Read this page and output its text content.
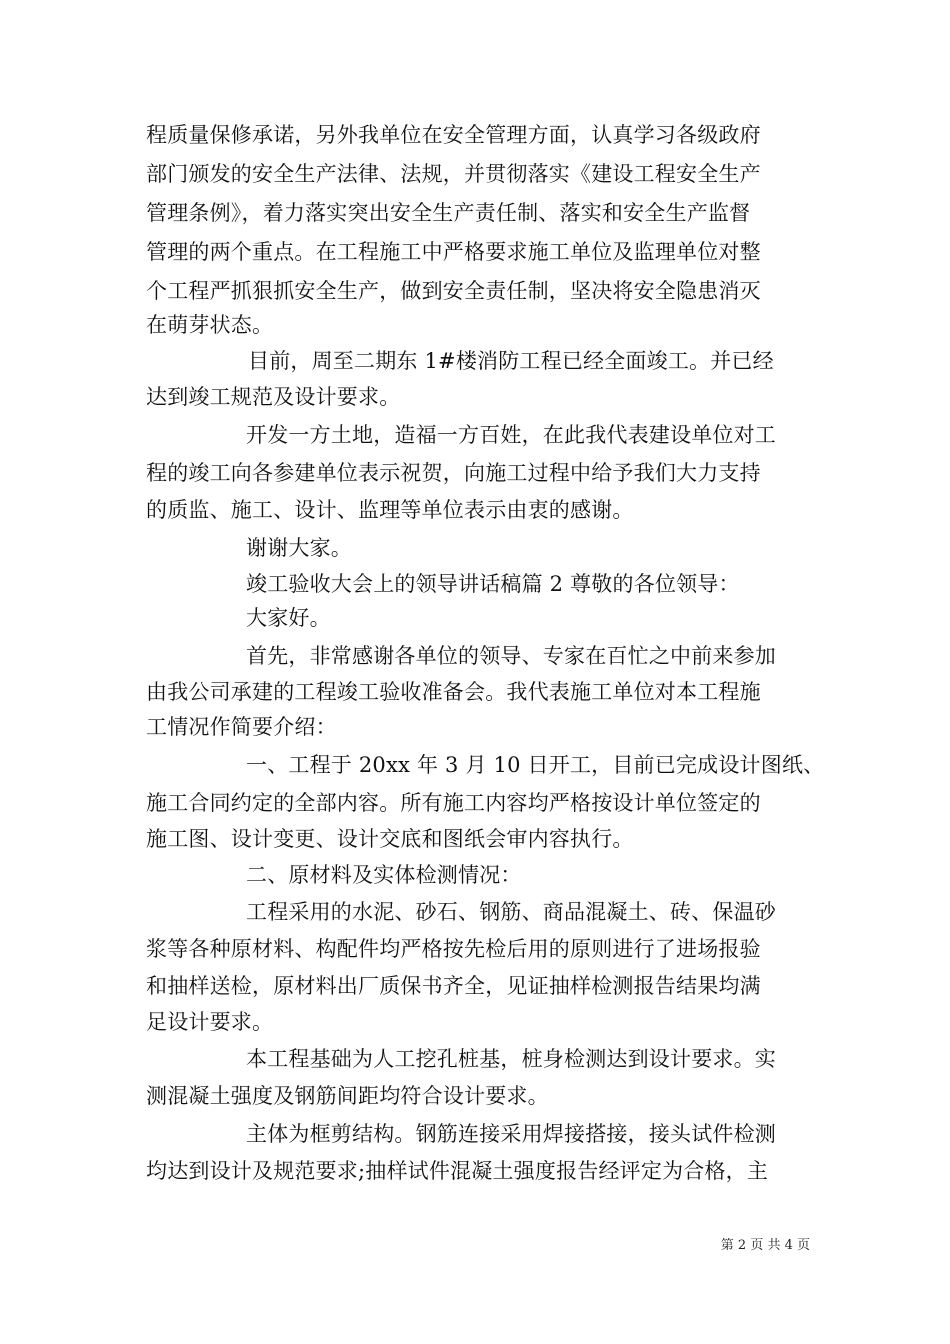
程质量保修承诺，另外我单位在安全管理方面，认真学习各级政府
部门颁发的安全生产法律、法规，并贯彻落实《建设工程安全生产
管理条例》，着力落实突出安全生产责任制、落实和安全生产监督
管理的两个重点。在工程施工中严格要求施工单位及监理单位对整
个工程严抓狠抓安全生产，做到安全责任制，坚决将安全隐患消灭
在萌芽状态。
目前，周至二期东 1#楼消防工程已经全面竣工。并已经
达到竣工规范及设计要求。
开发一方土地，造福一方百姓，在此我代表建设单位对工
程的竣工向各参建单位表示祝贺，向施工过程中给予我们大力支持
的质监、施工、设计、监理等单位表示由衷的感谢。
谢谢大家。
竣工验收大会上的领导讲话稿篇 2 尊敬的各位领导：
大家好。
首先，非常感谢各单位的领导、专家在百忙之中前来参加
由我公司承建的工程竣工验收准备会。我代表施工单位对本工程施
工情况作简要介绍：
一、工程于 20xx 年 3 月 10 日开工，目前已完成设计图纸、
施工合同约定的全部内容。所有施工内容均严格按设计单位签定的
施工图、设计变更、设计交底和图纸会审内容执行。
二、原材料及实体检测情况：
工程采用的水泥、砂石、钢筋、商品混凝土、砖、保温砂
浆等各种原材料、构配件均严格按先检后用的原则进行了进场报验
和抽样送检，原材料出厂质保书齐全，见证抽样检测报告结果均满
足设计要求。
本工程基础为人工挖孔桩基，桩身检测达到设计要求。实
测混凝土强度及钢筋间距均符合设计要求。
主体为框剪结构。钢筋连接采用焊接搭接，接头试件检测
均达到设计及规范要求;抽样试件混凝土强度报告经评定为合格，主
第 2 页 共 4 页
